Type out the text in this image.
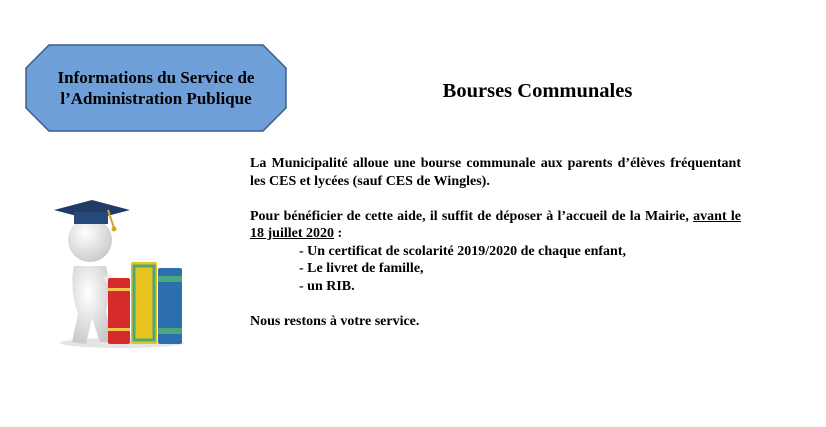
Informations du Service de
l’Administration Publique	Bourses Communales

La Municipalité alloue une bourse communale aux parents d’élèves fréquentant les CES et lycées (sauf CES de Wingles).

Pour bénéficier de cette aide, il suffit de déposer à l’accueil de la Mairie, avant le 18 juillet 2020 :

- Un certificat de scolarité 2019/2020 de chaque enfant,
- Le livret de famille,
- un RIB.

Nous restons à votre service.
